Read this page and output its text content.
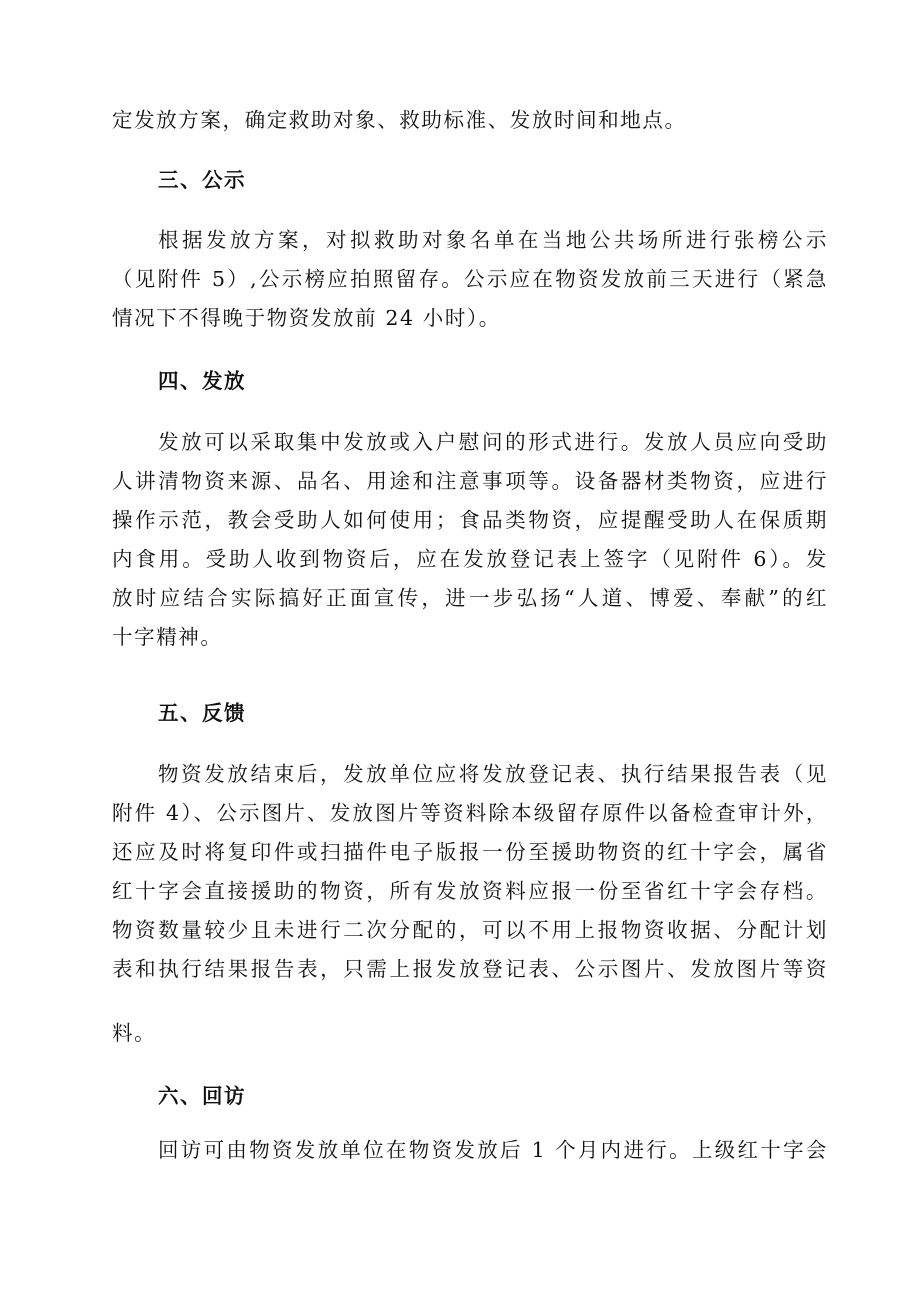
定发放方案，确定救助对象、救助标准、发放时间和地点。
三、公示
根据发放方案，对拟救助对象名单在当地公共场所进行张榜公示
（见附件 5）,公示榜应拍照留存。公示应在物资发放前三天进行（紧急
情况下不得晚于物资发放前 24 小时）。
四、发放
发放可以采取集中发放或入户慰问的形式进行。发放人员应向受助
人讲清物资来源、品名、用途和注意事项等。设备器材类物资，应进行
操作示范，教会受助人如何使用；食品类物资，应提醒受助人在保质期
内食用。受助人收到物资后，应在发放登记表上签字（见附件 6）。发
放时应结合实际搞好正面宣传，进一步弘扬“人道、博爱、奉献”的红
十字精神。
五、反馈
物资发放结束后，发放单位应将发放登记表、执行结果报告表（见
附件 4）、公示图片、发放图片等资料除本级留存原件以备检查审计外，
还应及时将复印件或扫描件电子版报一份至援助物资的红十字会，属省
红十字会直接援助的物资，所有发放资料应报一份至省红十字会存档。
物资数量较少且未进行二次分配的，可以不用上报物资收据、分配计划
表和执行结果报告表，只需上报发放登记表、公示图片、发放图片等资
料。
六、回访
回访可由物资发放单位在物资发放后 1 个月内进行。上级红十字会
